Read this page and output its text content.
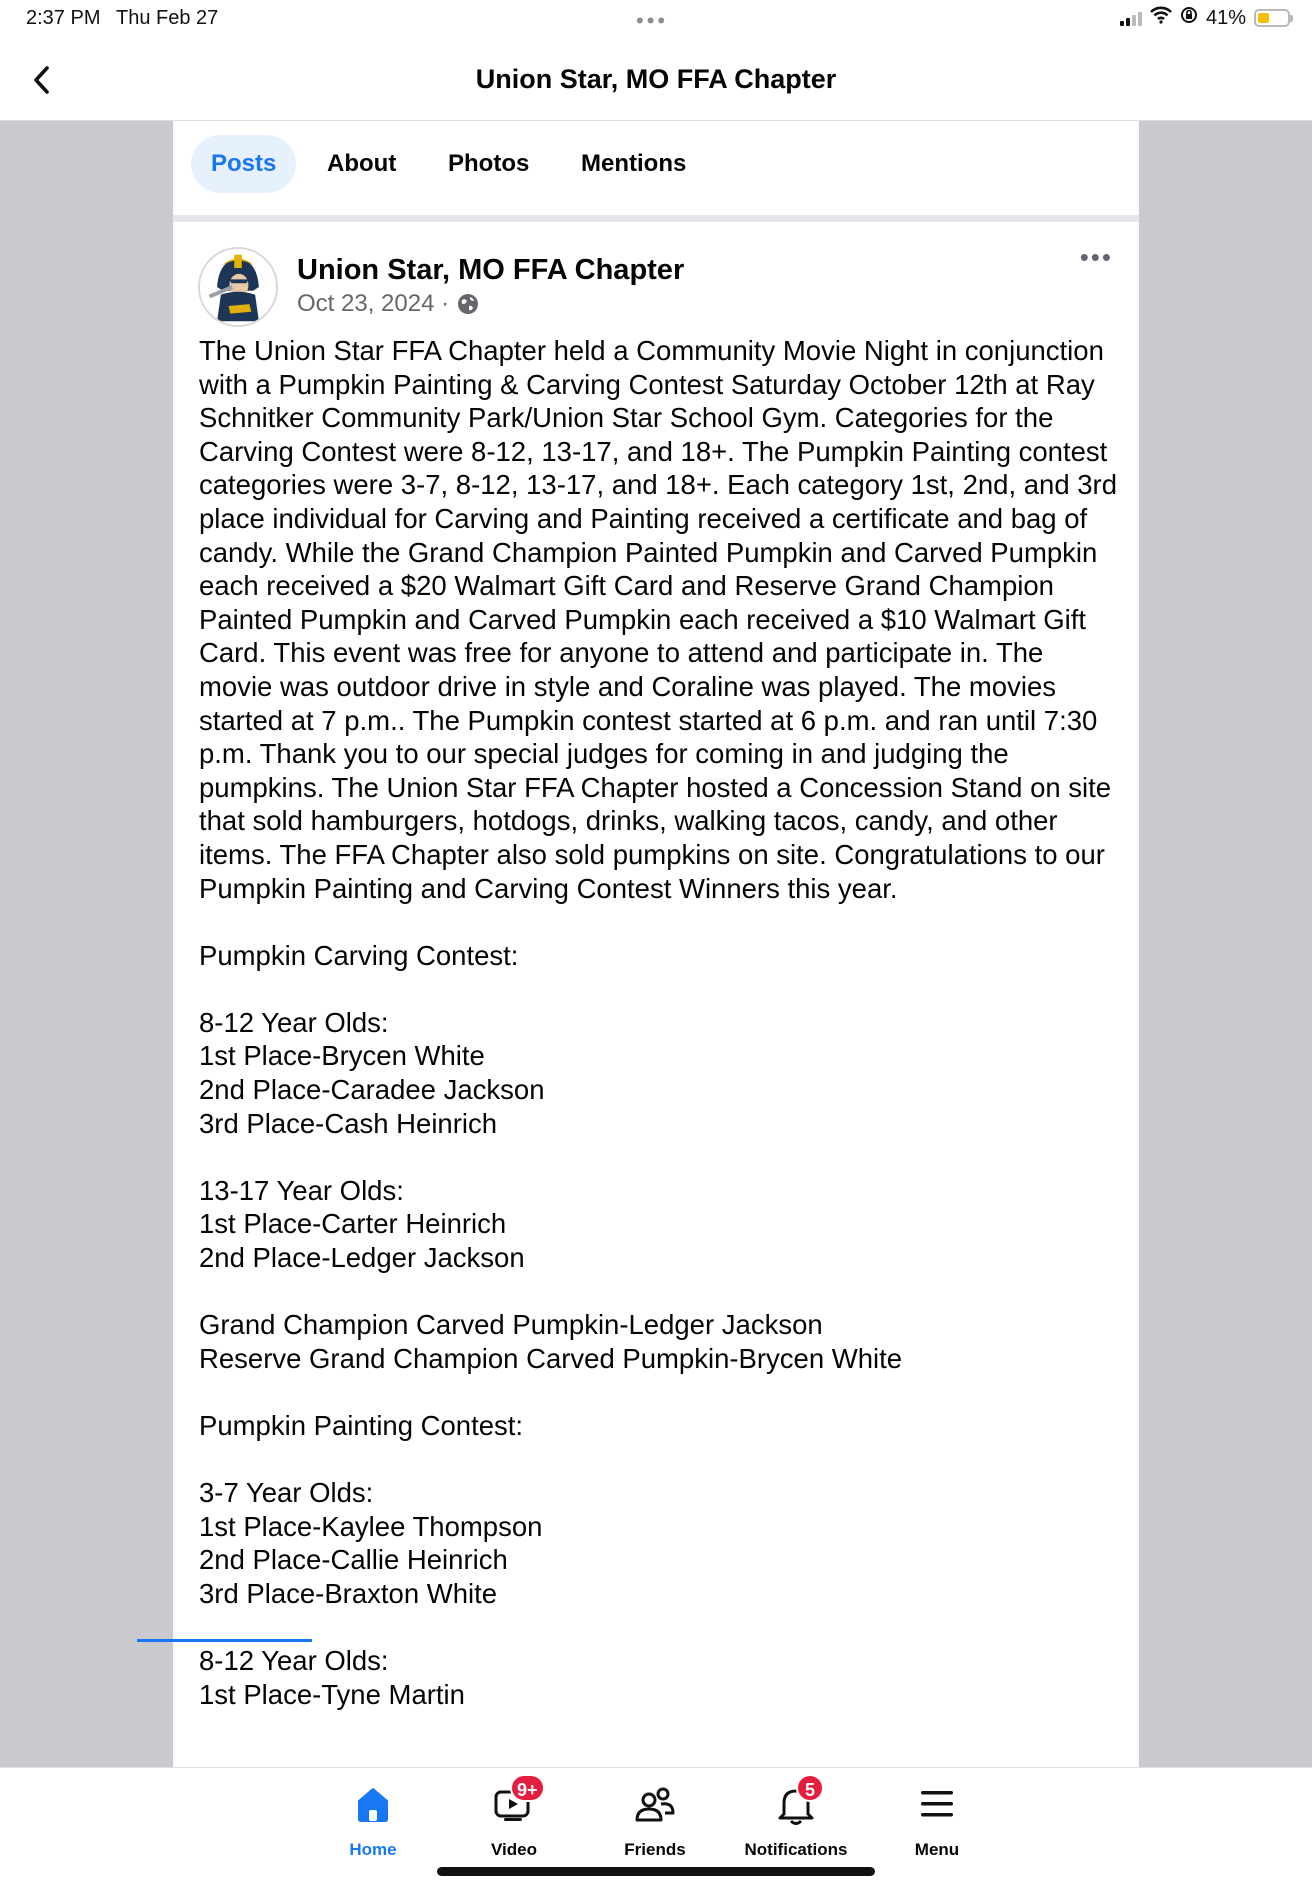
2:37 PM Thu Feb 27	•••	41%
Union Star, MO FFA Chapter
Posts	About Photos Mentions
Union Star, MO FFA Chapter
Oct 23, 2024 ·
•••
The Union Star FFA Chapter held a Community Movie Night in conjunction with a Pumpkin Painting & Carving Contest Saturday October 12th at Ray Schnitker Community Park/Union Star School Gym. Categories for the Carving Contest were 8-12, 13-17, and 18+. The Pumpkin Painting contest categories were 3-7, 8-12, 13-17, and 18+. Each category 1st, 2nd, and 3rd place individual for Carving and Painting received a certificate and bag of candy. While the Grand Champion Painted Pumpkin and Carved Pumpkin each received a $20 Walmart Gift Card and Reserve Grand Champion Painted Pumpkin and Carved Pumpkin each received a $10 Walmart Gift Card. This event was free for anyone to attend and participate in. The movie was outdoor drive in style and Coraline was played. The movies started at 7 p.m.. The Pumpkin contest started at 6 p.m. and ran until 7:30 p.m. Thank you to our special judges for coming in and judging the pumpkins. The Union Star FFA Chapter hosted a Concession Stand on site that sold hamburgers, hotdogs, drinks, walking tacos, candy, and other items. The FFA Chapter also sold pumpkins on site. Congratulations to our Pumpkin Painting and Carving Contest Winners this year.

Pumpkin Carving Contest:

8-12 Year Olds:
1st Place-Brycen White
2nd Place-Caradee Jackson
3rd Place-Cash Heinrich

13-17 Year Olds:
1st Place-Carter Heinrich
2nd Place-Ledger Jackson

Grand Champion Carved Pumpkin-Ledger Jackson
Reserve Grand Champion Carved Pumpkin-Brycen White

Pumpkin Painting Contest:

3-7 Year Olds:
1st Place-Kaylee Thompson
2nd Place-Callie Heinrich
3rd Place-Braxton White

8-12 Year Olds:
1st Place-Tyne Martin
Home
9+
Video	Friends
5
Notifications	Menu
